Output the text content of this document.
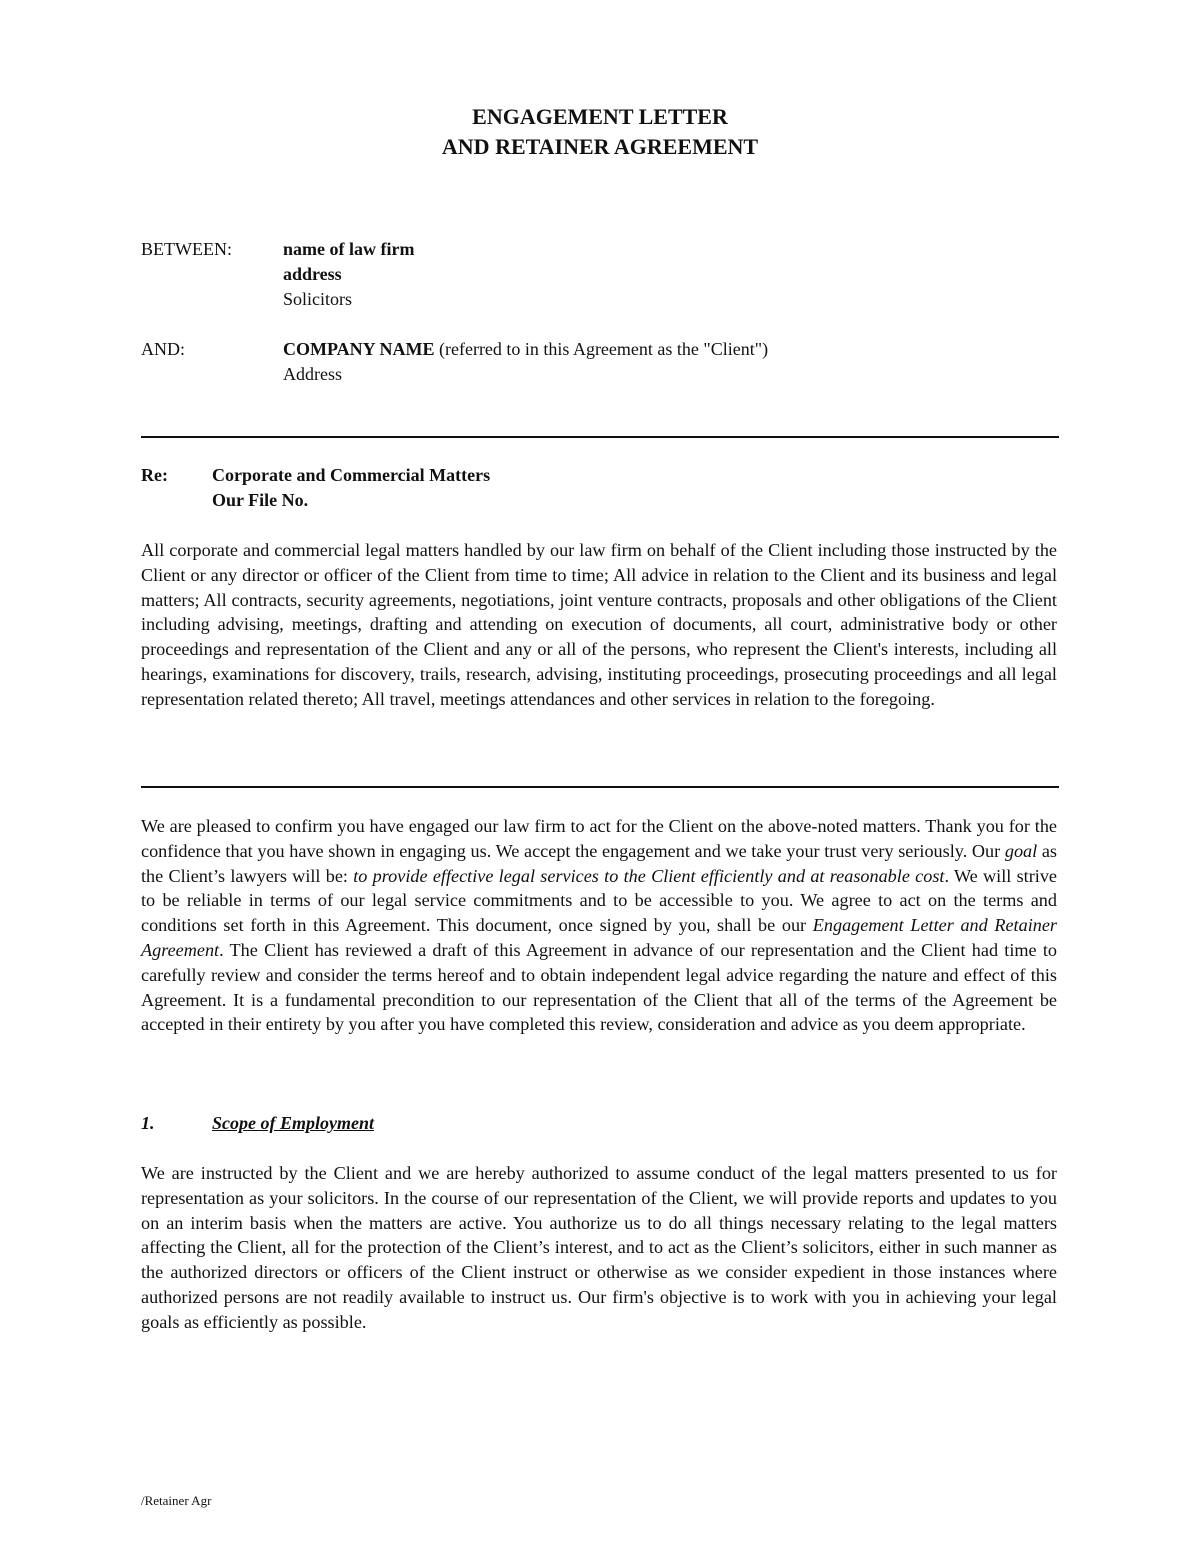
ENGAGEMENT LETTER
AND RETAINER AGREEMENT
BETWEEN:	name of law firm
address
Solicitors
AND:	COMPANY NAME (referred to in this Agreement as the "Client")
Address
Re:	Corporate and Commercial Matters
Our File No.

All corporate and commercial legal matters handled by our law firm on behalf of the Client including those instructed by the Client or any director or officer of the Client from time to time; All advice in relation to the Client and its business and legal matters; All contracts, security agreements, negotiations, joint venture contracts, proposals and other obligations of the Client including advising, meetings, drafting and attending on execution of documents, all court, administrative body or other proceedings and representation of the Client and any or all of the persons, who represent the Client's interests, including all hearings, examinations for discovery, trails, research, advising, instituting proceedings, prosecuting proceedings and all legal representation related thereto; All travel, meetings attendances and other services in relation to the foregoing.

We are pleased to confirm you have engaged our law firm to act for the Client on the above-noted matters. Thank you for the confidence that you have shown in engaging us. We accept the engagement and we take your trust very seriously. Our goal as the Client’s lawyers will be: to provide effective legal services to the Client efficiently and at reasonable cost. We will strive to be reliable in terms of our legal service commitments and to be accessible to you. We agree to act on the terms and conditions set forth in this Agreement. This document, once signed by you, shall be our Engagement Letter and Retainer Agreement. The Client has reviewed a draft of this Agreement in advance of our representation and the Client had time to carefully review and consider the terms hereof and to obtain independent legal advice regarding the nature and effect of this Agreement. It is a fundamental precondition to our representation of the Client that all of the terms of the Agreement be accepted in their entirety by you after you have completed this review, consideration and advice as you deem appropriate.

1.	Scope of Employment

We are instructed by the Client and we are hereby authorized to assume conduct of the legal matters presented to us for representation as your solicitors. In the course of our representation of the Client, we will provide reports and updates to you on an interim basis when the matters are active. You authorize us to do all things necessary relating to the legal matters affecting the Client, all for the protection of the Client’s interest, and to act as the Client’s solicitors, either in such manner as the authorized directors or officers of the Client instruct or otherwise as we consider expedient in those instances where authorized persons are not readily available to instruct us. Our firm's objective is to work with you in achieving your legal goals as efficiently as possible.

/Retainer Agr
